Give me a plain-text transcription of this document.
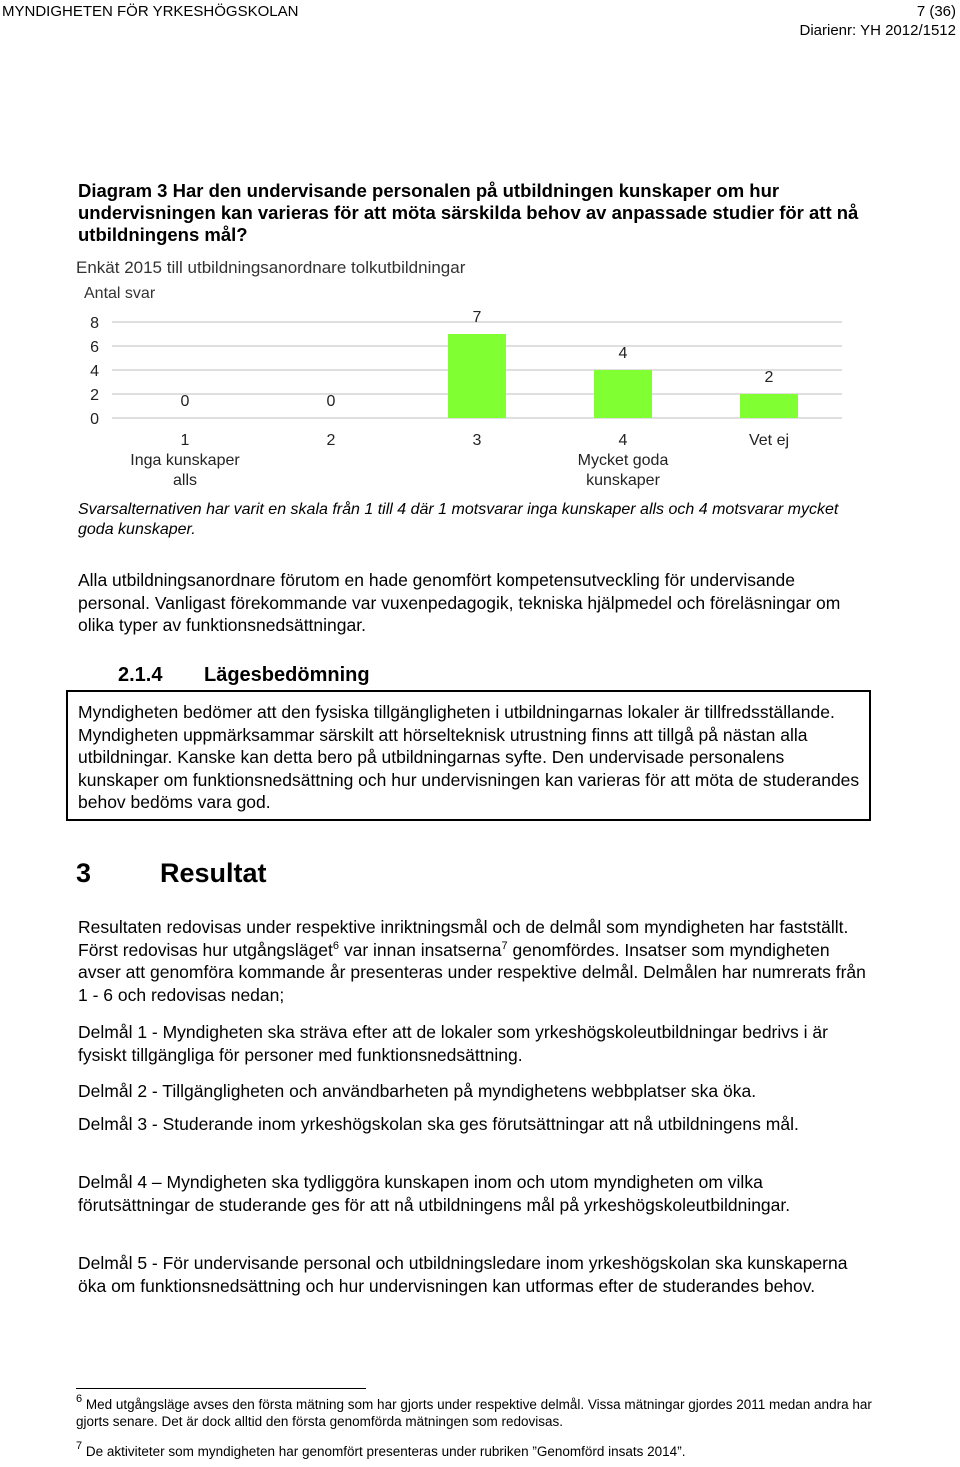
MYNDIGHETEN FÖR YRKESHÖGSKOLAN	7 (36)
Diarienr: YH 2012/1512
Diagram 3 Har den undervisande personalen på utbildningen kunskaper om hur undervisningen kan varieras för att möta särskilda behov av anpassade studier för att nå utbildningens mål?
Enkät 2015 till utbildningsanordnare tolkutbildningar
Antal svar
0
2
4
6
8
0	0
7
4
2
1
Inga kunskaper
alls
2	3	4
Mycket goda
kunskaper
Vet ej
Svarsalternativen har varit en skala från 1 till 4 där 1 motsvarar inga kunskaper alls och 4 motsvarar mycket goda kunskaper.
Alla utbildningsanordnare förutom en hade genomfört kompetensutveckling för undervisande personal. Vanligast förekommande var vuxenpedagogik, tekniska hjälpmedel och föreläsningar om olika typer av funktionsnedsättningar.
2.1.4 Lägesbedömning
Myndigheten bedömer att den fysiska tillgängligheten i utbildningarnas lokaler är tillfredsställande. Myndigheten uppmärksammar särskilt att hörselteknisk utrustning finns att tillgå på nästan alla utbildningar. Kanske kan detta bero på utbildningarnas syfte. Den undervisade personalens kunskaper om funktionsnedsättning och hur undervisningen kan varieras för att möta de studerandes behov bedöms vara god.
3	Resultat
Resultaten redovisas under respektive inriktningsmål och de delmål som myndigheten har fastställt. Först redovisas hur utgångsläget$^6$ var innan insatserna$^7$ genomfördes. Insatser som myndigheten avser att genomföra kommande år presenteras under respektive delmål. Delmålen har numrerats från 1 - 6 och redovisas nedan;
Delmål 1 - Myndigheten ska sträva efter att de lokaler som yrkeshögskoleutbildningar bedrivs i är fysiskt tillgängliga för personer med funktionsnedsättning.
Delmål 2 - Tillgängligheten och användbarheten på myndighetens webbplatser ska öka.
Delmål 3 - Studerande inom yrkeshögskolan ska ges förutsättningar att nå utbildningens mål.
Delmål 4 – Myndigheten ska tydliggöra kunskapen inom och utom myndigheten om vilka förutsättningar de studerande ges för att nå utbildningens mål på yrkeshögskoleutbildningar.
Delmål 5 - För undervisande personal och utbildningsledare inom yrkeshögskolan ska kunskaperna öka om funktionsnedsättning och hur undervisningen kan utformas efter de studerandes behov.
$^6$ Med utgångsläge avses den första mätning som har gjorts under respektive delmål. Vissa mätningar gjordes 2011 medan andra har gjorts senare. Det är dock alltid den första genomförda mätningen som redovisas.
$^7$ De aktiviteter som myndigheten har genomfört presenteras under rubriken ”Genomförd insats 2014”.
